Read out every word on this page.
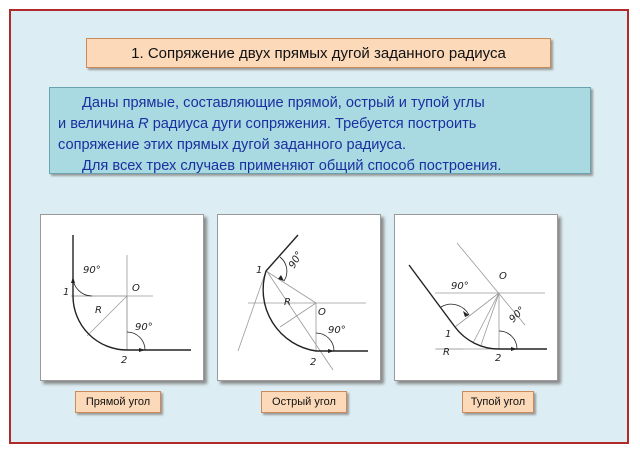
1. Сопряжение двух прямых дугой заданного радиуса

Даны прямые, составляющие прямой, острый и тупой углы

и величина R радиуса дуги сопряжения. Требуется построить

сопряжение этих прямых дугой заданного радиуса.

Для всех трех случаев применяют общий способ построения.

90°
90°
1
2
O
R
90°
90°
1
2
O
R
90°
90°
1
2
O
R
Прямой угол	Острый угол	Тупой угол
